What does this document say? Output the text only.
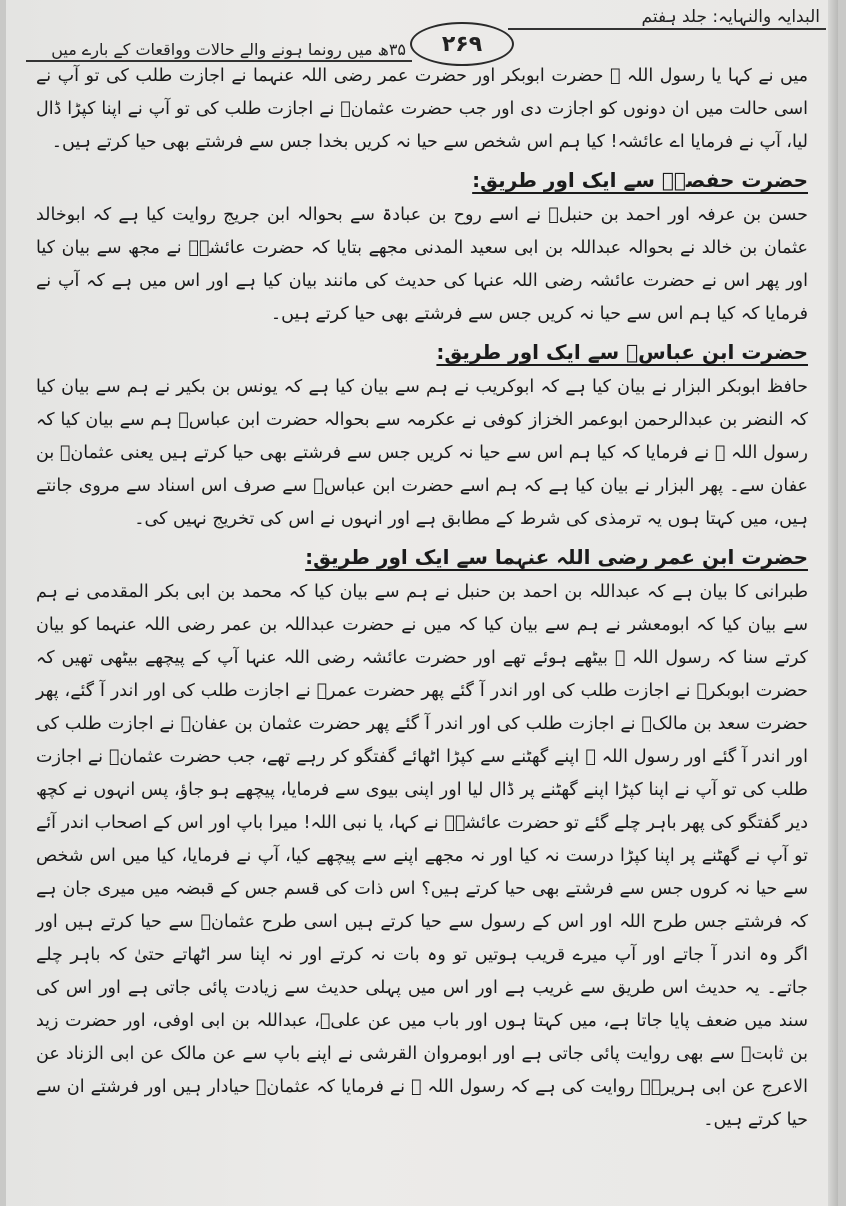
البدایہ والنہایہ: جلد ہفتم
۲۶۹
۳۵ھ میں رونما ہونے والے حالات وواقعات کے بارے میں

میں نے کہا یا رسول اللہ ﷺ حضرت ابوبکر اور حضرت عمر رضی اللہ عنہما نے اجازت طلب کی تو آپ نے اسی حالت میں ان دونوں کو اجازت دی اور جب حضرت عثمانؓ نے اجازت طلب کی تو آپ نے اپنا کپڑا ڈال لیا، آپ نے فرمایا اے عائشہ! کیا ہم اس شخص سے حیا نہ کریں بخدا جس سے فرشتے بھی حیا کرتے ہیں۔

حضرت حفصہؓ سے ایک اور طریق:

حسن بن عرفہ اور احمد بن حنبلؒ نے اسے روح بن عبادۃ سے بحوالہ ابن جریج روایت کیا ہے کہ ابوخالد عثمان بن خالد نے بحوالہ عبداللہ بن ابی سعید المدنی مجھے بتایا کہ حضرت عائشہؓ نے مجھ سے بیان کیا اور پھر اس نے حضرت عائشہ رضی اللہ عنہا کی حدیث کی مانند بیان کیا ہے اور اس میں ہے کہ آپ نے فرمایا کہ کیا ہم اس سے حیا نہ کریں جس سے فرشتے بھی حیا کرتے ہیں۔

حضرت ابن عباسؓ سے ایک اور طریق:

حافظ ابوبکر البزار نے بیان کیا ہے کہ ابوکریب نے ہم سے بیان کیا ہے کہ یونس بن بکیر نے ہم سے بیان کیا کہ النضر بن عبدالرحمن ابوعمر الخزاز کوفی نے عکرمہ سے بحوالہ حضرت ابن عباسؓ ہم سے بیان کیا کہ رسول اللہ ﷺ نے فرمایا کہ کیا ہم اس سے حیا نہ کریں جس سے فرشتے بھی حیا کرتے ہیں یعنی عثمانؓ بن عفان سے۔ پھر البزار نے بیان کیا ہے کہ ہم اسے حضرت ابن عباسؓ سے صرف اس اسناد سے مروی جانتے ہیں، میں کہتا ہوں یہ ترمذی کی شرط کے مطابق ہے اور انہوں نے اس کی تخریج نہیں کی۔

حضرت ابن عمر رضی اللہ عنہما سے ایک اور طریق:

طبرانی کا بیان ہے کہ عبداللہ بن احمد بن حنبل نے ہم سے بیان کیا کہ محمد بن ابی بکر المقدمی نے ہم سے بیان کیا کہ ابومعشر نے ہم سے بیان کیا کہ میں نے حضرت عبداللہ بن عمر رضی اللہ عنہما کو بیان کرتے سنا کہ رسول اللہ ﷺ بیٹھے ہوئے تھے اور حضرت عائشہ رضی اللہ عنہا آپ کے پیچھے بیٹھی تھیں کہ حضرت ابوبکرؓ نے اجازت طلب کی اور اندر آ گئے پھر حضرت عمرؓ نے اجازت طلب کی اور اندر آ گئے، پھر حضرت سعد بن مالکؓ نے اجازت طلب کی اور اندر آ گئے پھر حضرت عثمان بن عفانؓ نے اجازت طلب کی اور اندر آ گئے اور رسول اللہ ﷺ اپنے گھٹنے سے کپڑا اٹھائے گفتگو کر رہے تھے، جب حضرت عثمانؓ نے اجازت طلب کی تو آپ نے اپنا کپڑا اپنے گھٹنے پر ڈال لیا اور اپنی بیوی سے فرمایا، پیچھے ہو جاؤ، پس انہوں نے کچھ دیر گفتگو کی پھر باہر چلے گئے تو حضرت عائشہؓ نے کہا، یا نبی اللہ! میرا باپ اور اس کے اصحاب اندر آئے تو آپ نے گھٹنے پر اپنا کپڑا درست نہ کیا اور نہ مجھے اپنے سے پیچھے کیا، آپ نے فرمایا، کیا میں اس شخص سے حیا نہ کروں جس سے فرشتے بھی حیا کرتے ہیں؟ اس ذات کی قسم جس کے قبضہ میں میری جان ہے کہ فرشتے جس طرح اللہ اور اس کے رسول سے حیا کرتے ہیں اسی طرح عثمانؓ سے حیا کرتے ہیں اور اگر وہ اندر آ جاتے اور آپ میرے قریب ہوتیں تو وہ بات نہ کرتے اور نہ اپنا سر اٹھاتے حتیٰ کہ باہر چلے جاتے۔ یہ حدیث اس طریق سے غریب ہے اور اس میں پہلی حدیث سے زیادت پائی جاتی ہے اور اس کی سند میں ضعف پایا جاتا ہے، میں کہتا ہوں اور باب میں عن علیؓ، عبداللہ بن ابی اوفی، اور حضرت زید بن ثابتؓ سے بھی روایت پائی جاتی ہے اور ابومروان القرشی نے اپنے باپ سے عن مالک عن ابی الزناد عن الاعرج عن ابی ہریرہؓ روایت کی ہے کہ رسول اللہ ﷺ نے فرمایا کہ عثمانؓ حیادار ہیں اور فرشتے ان سے حیا کرتے ہیں۔
